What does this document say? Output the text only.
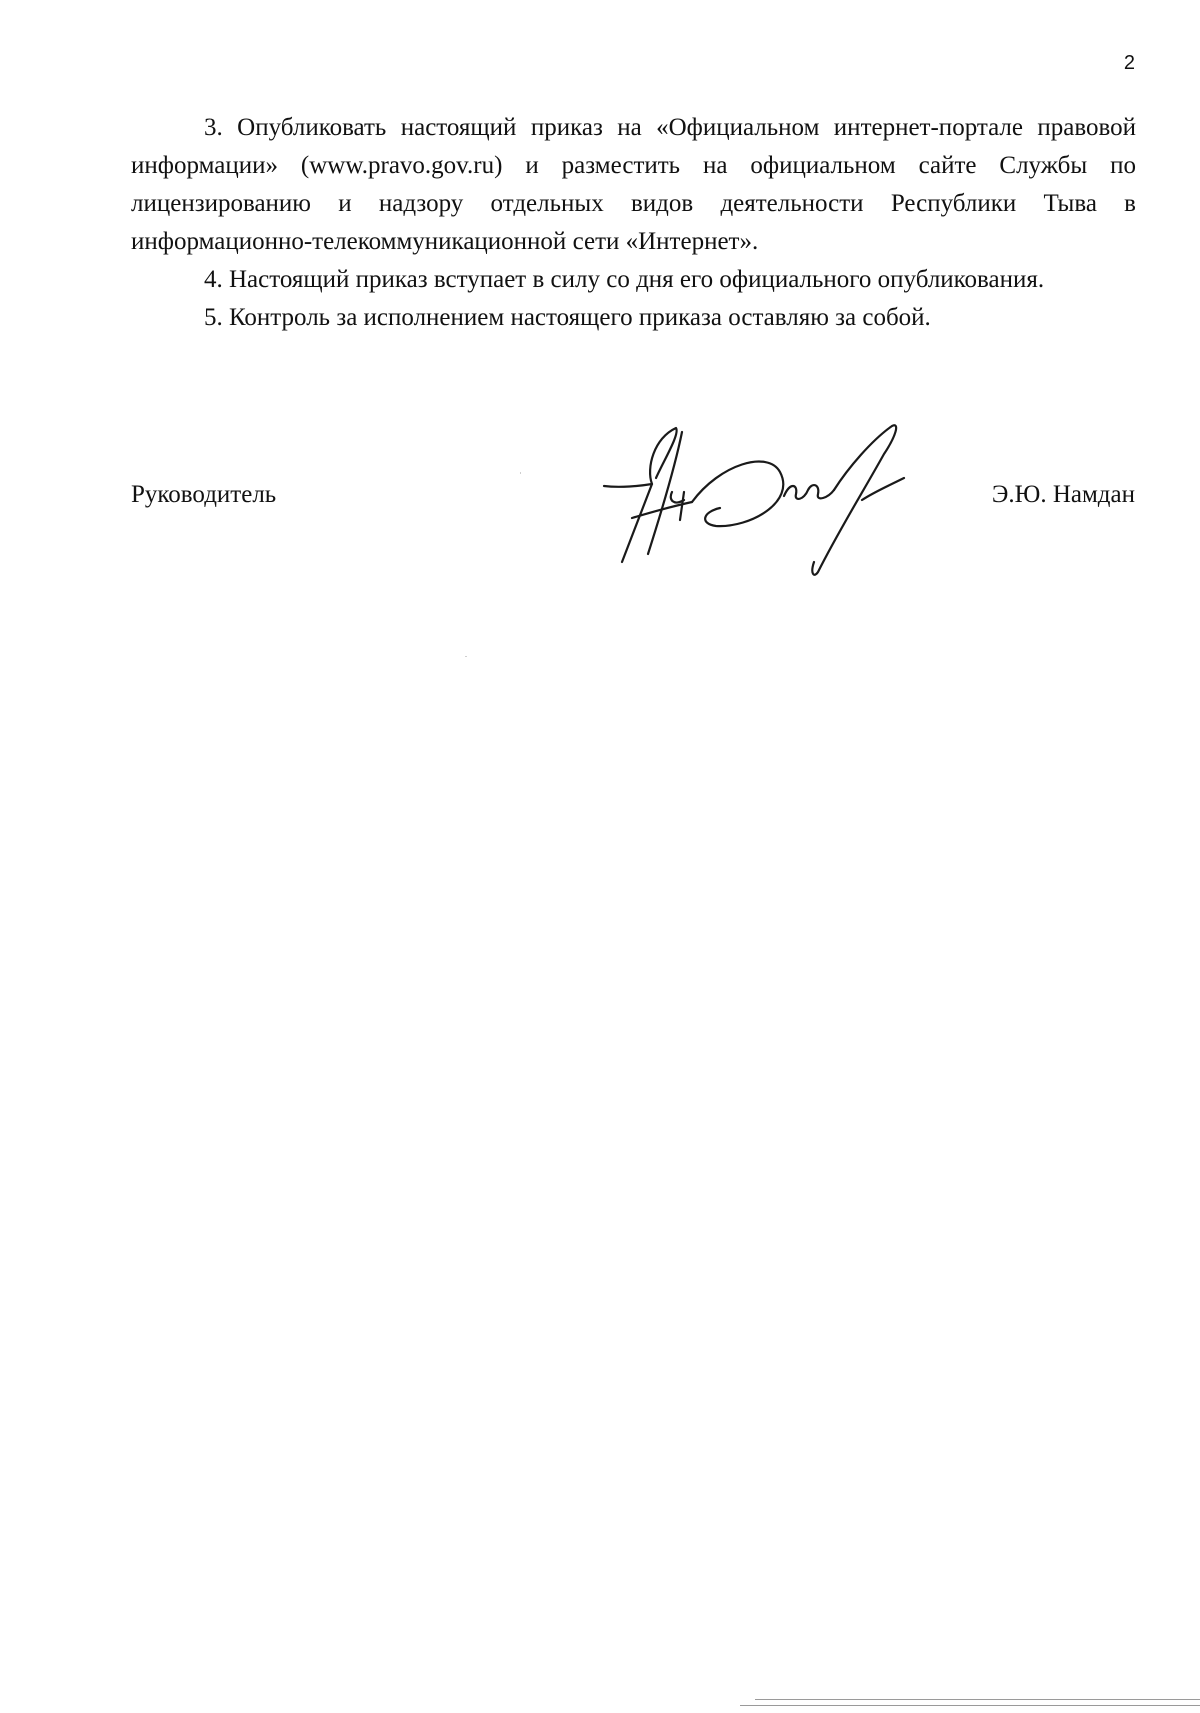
2

3. Опубликовать настоящий приказ на «Официальном интернет-портале правовой информации» (www.pravo.gov.ru) и разместить на официальном сайте Службы по лицензированию и надзору отдельных видов деятельности Республики Тыва в информационно-телекоммуникационной сети «Интернет».

4. Настоящий приказ вступает в силу со дня его официального опубликования.

5. Контроль за исполнением настоящего приказа оставляю за собой.

Руководитель	Э.Ю. Намдан
